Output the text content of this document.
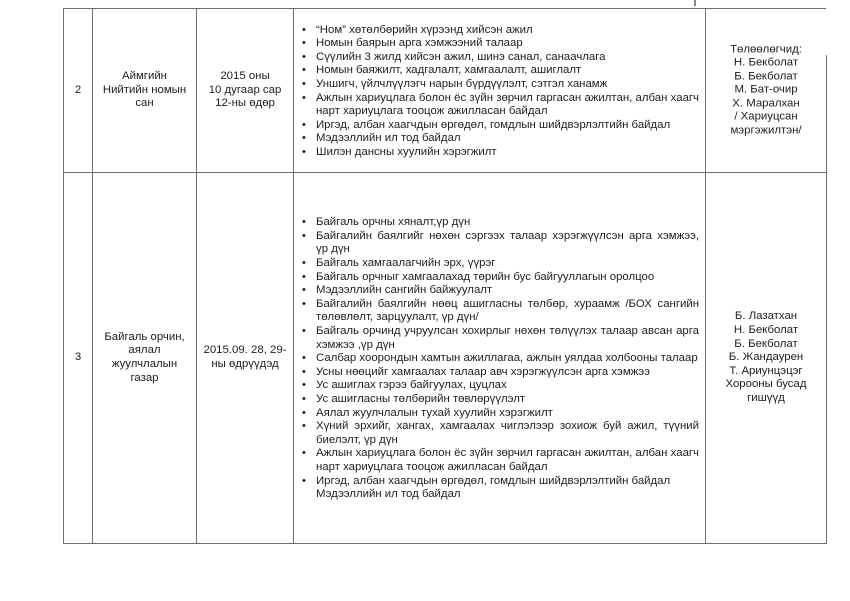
2	
Аймгийн
Нийтийн номын
сан

2015 оны
10 дугаар сар
12-ны өдөр

• “Ном” хөтөлбөрийн хүрээнд хийсэн ажил
• Номын баярын арга хэмжээний талаар
• Сүүлийн 3 жилд хийсэн ажил, шинэ санал, санаачлага
• Номын баяжилт, хадгалалт, хамгаалалт, ашиглалт
• Уншигч, үйлчлүүлэгч нарын бүрдүүлэлт, сэтгэл ханамж
• Ажлын хариуцлага болон ёс зүйн зөрчил гаргасан ажилтан, албан хаагч нарт хариуцлага тооцож ажилласан байдал
• Иргэд, албан хаагчдын өргөдөл, гомдлын шийдвэрлэлтийн байдал
• Мэдээллийн ил тод байдал
• Шилэн дансны хуулийн хэрэгжилт

Төлөөлөгчид:
Н. Бекболат
Б. Бекболат
М. Бат-очир
Х. Маралхан
/ Хариуцсан
мэргэжилтэн/

3	
Байгаль орчин,
аялал
жуулчлалын
газар

2015.09. 28, 29-
ны өдрүүдэд

• Байгаль орчны хяналт,үр дүн
• Байгалийн баялгийг нөхөн сэргээх талаар хэрэгжүүлсэн арга хэмжээ, үр дүн
• Байгаль хамгаалагчийн эрх, үүрэг
• Байгаль орчныг хамгаалахад төрийн бус байгууллагын оролцоо
• Мэдээллийн сангийн байжуулалт
• Байгалийн баялгийн нөөц ашигласны төлбөр, хураамж /БОХ сангийн төлөвлөлт, зарцуулалт, үр дүн/
• Байгаль орчинд учруулсан хохирлыг нөхөн төлүүлэх талаар авсан арга хэмжээ ,үр дүн
• Салбар хоорондын хамтын ажиллагаа, ажлын уялдаа холбооны талаар
• Усны нөөцийг хамгаалах талаар авч хэрэгжүүлсэн арга хэмжээ
• Ус ашиглах гэрээ байгуулах, цуцлах
• Ус ашигласны төлбөрийн төвлөрүүлэлт
• Аялал жуулчлалын тухай хуулийн хэрэгжилт
• Хүний эрхийг, хангах, хамгаалах чиглэлээр зохиож буй ажил, түүний биелэлт, үр дүн
• Ажлын хариуцлага болон ёс зүйн зөрчил гаргасан ажилтан, албан хаагч нарт хариуцлага тооцож ажилласан байдал
• Иргэд, албан хаагчдын өргөдөл, гомдлын шийдвэрлэлтийн байдал
Мэдээллийн ил тод байдал

Б. Лазатхан
Н. Бекболат
Б. Бекболат
Б. Жандаурен
Т. Ариунцэцэг
Хорооны бусад
гишүүд
